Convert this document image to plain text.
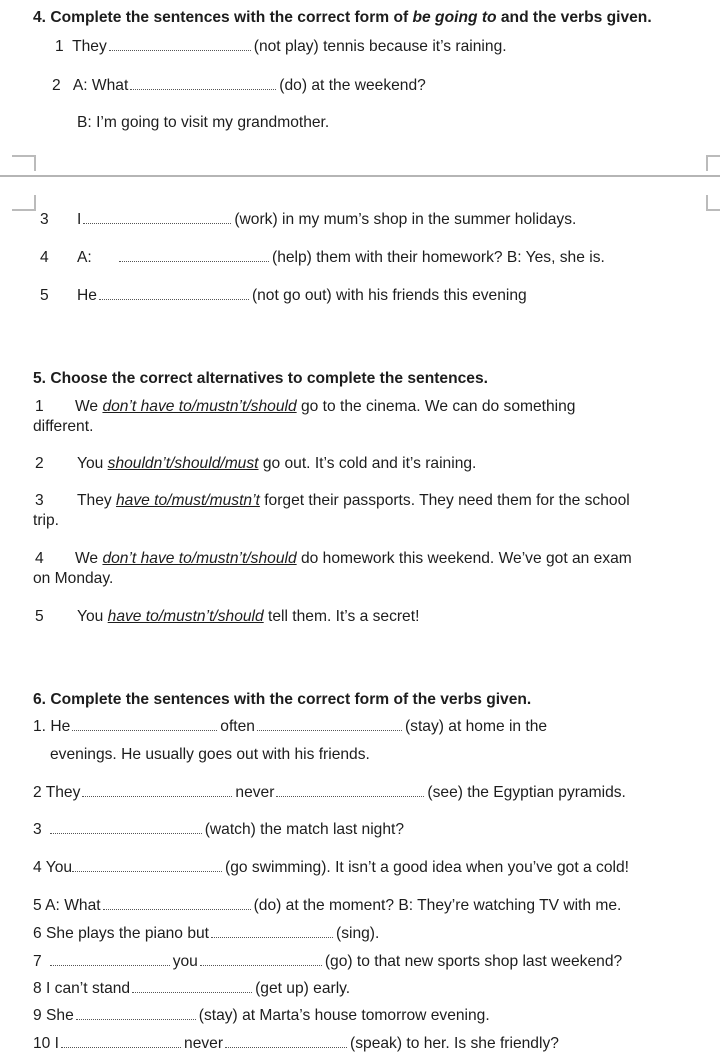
4. Complete the sentences with the correct form of be going to and the verbs given.
1 They	(not play) tennis because it’s raining.
2 A: What	(do) at the weekend?
B: I’m going to visit my grandmother.
3 I	(work) in my mum’s shop in the summer holidays.
4 A:	(help) them with their homework? B: Yes, she is.
5 He	(not go out) with his friends this evening
5. Choose the correct alternatives to complete the sentences.
1 We don’t have to/mustn’t/should go to the cinema. We can do something
different.
2 You shouldn’t/should/must go out. It’s cold and it’s raining.
3 They have to/must/mustn’t forget their passports. They need them for the school
trip.
4 We don’t have to/mustn’t/should do homework this weekend. We’ve got an exam
on Monday.
5 You have to/mustn’t/should tell them. It’s a secret!
6. Complete the sentences with the correct form of the verbs given.
1. He	often	(stay) at home in the
evenings. He usually goes out with his friends.
2 They	never	(see) the Egyptian pyramids.
3	(watch) the match last night?
4 You	(go swimming). It isn’t a good idea when you’ve got a cold!
5 A: What	(do) at the moment? B: They’re watching TV with me.
6 She plays the piano but	(sing).
7	you	(go) to that new sports shop last weekend?
8 I can’t stand	(get up) early.
9 She	(stay) at Marta’s house tomorrow evening.
10 I	never	(speak) to her. Is she friendly?
